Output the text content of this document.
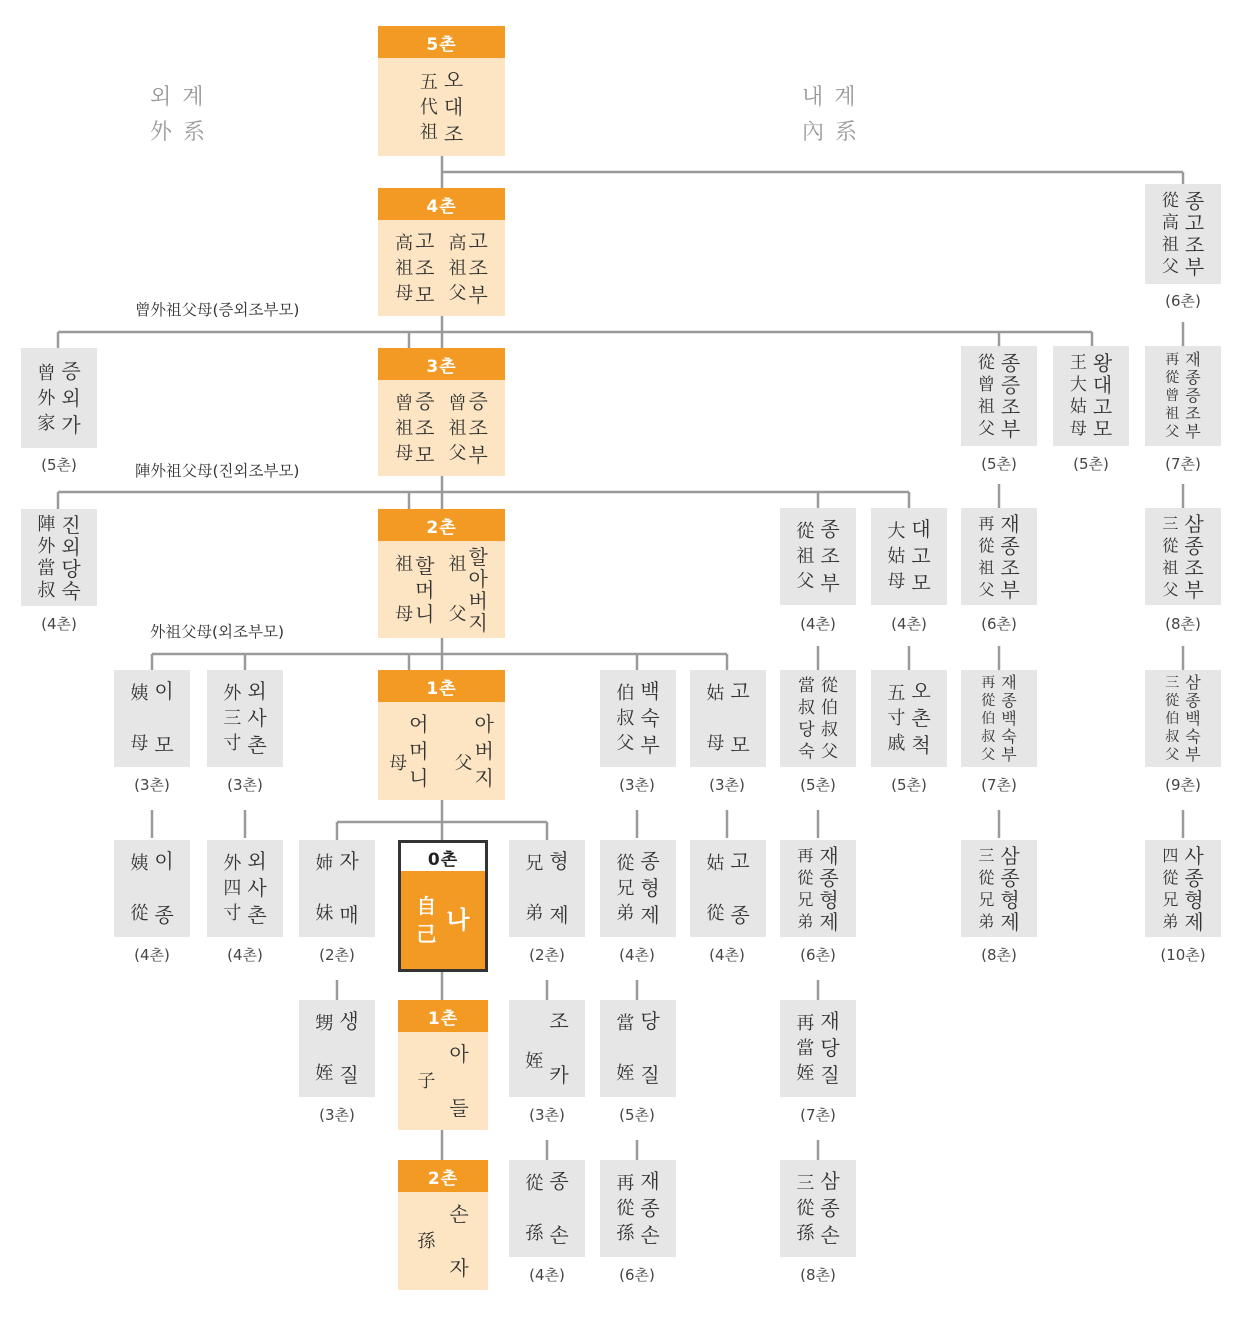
외 계
外 系
내 계
內 系
曾外祖父母(증외조부모)
陣外祖父母(진외조부모)
外祖父母(외조부모)
5촌
五
代
祖
오
대
조
4촌
高
祖
母
고
조
모
高
祖
父
고
조
부
3촌
曾
祖
母
증
조
모
曾
祖
父
증
조
부
2촌
祖

母
할
머
니
祖

父
할
아
버
지
1촌

母

어
머
니

父

아
버
지
0촌
自
己 나
1촌
子
아

들
2촌
孫
손

자
曾
外
家
증
외
가
(5촌)
陣
外
當
叔
진
외
당
숙
(4촌)
姨

母
이

모
(3촌)
外
三
寸
외
사
촌
(3촌)
姨

從
이

종
(4촌)
外
四
寸
외
사
촌
(4촌)
姉

妹
자

매
(2촌)
甥

姪
생

질
(3촌)
兄

弟
형

제
(2촌)

姪

조

카
(3촌)
從

孫
종

손
(4촌)
伯
叔
父
백
숙
부
(3촌)
從
兄
弟
종
형
제
(4촌)
當

姪
당

질
(5촌)
再
從
孫
재
종
손
(6촌)
姑

母
고

모
(3촌)
姑

從
고

종
(4촌)
從
祖
父
종
조
부
(4촌)
當
叔
당
숙
從
伯
叔
父
(5촌)
再
從
兄
弟
재
종
형
제
(6촌)
再
當
姪
재
당
질
(7촌)
三
從
孫
삼
종
손
(8촌)
大
姑
母
대
고
모
(4촌)
五
寸
戚
오
촌
척
(5촌)
從
曾
祖
父
종
증
조
부
(5촌)
再
從
祖
父
재
종
조
부
(6촌)
再
從
伯
叔
父
재
종
백
숙
부
(7촌)
三
從
兄
弟
삼
종
형
제
(8촌)
王
大
姑
母
왕
대
고
모
(5촌)
從
高
祖
父
종
고
조
부
(6촌)
再
從
曾
祖
父
재
종
증
조
부
(7촌)
三
從
祖
父
삼
종
조
부
(8촌)
三
從
伯
叔
父
삼
종
백
숙
부
(9촌)
四
從
兄
弟
사
종
형
제
(10촌)
